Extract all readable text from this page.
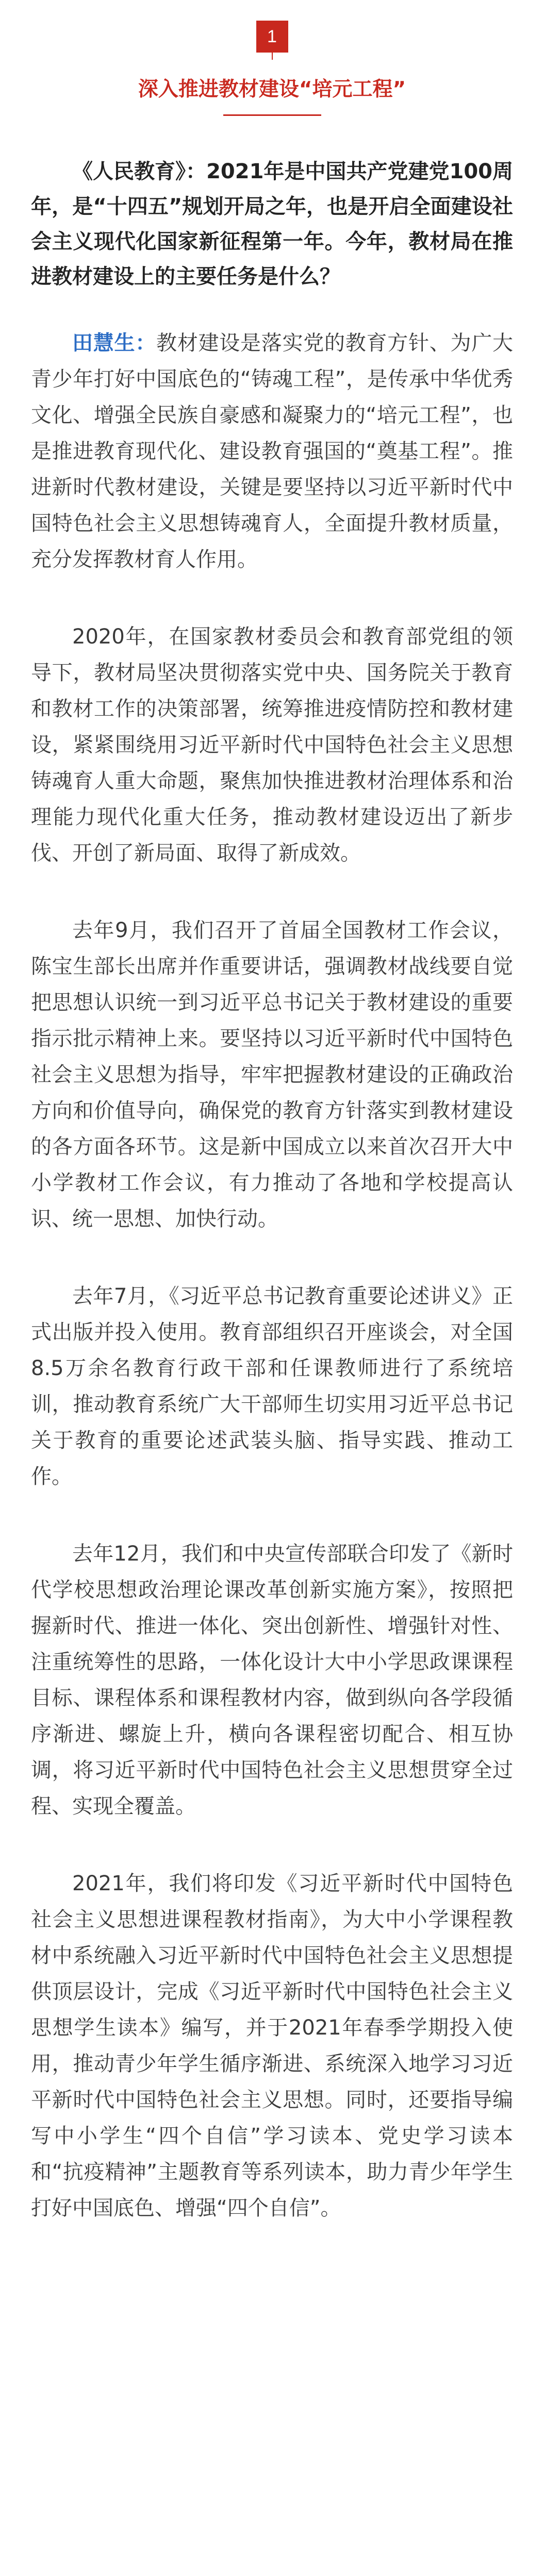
1
深入推进教材建设“培元工程”
《人民教育》：2021年是中国共产党建党100周年，是“十四五”规划开局之年，也是开启全面建设社会主义现代化国家新征程第一年。今年，教材局在推进教材建设上的主要任务是什么？

田慧生：教材建设是落实党的教育方针、为广大青少年打好中国底色的“铸魂工程”，是传承中华优秀文化、增强全民族自豪感和凝聚力的“培元工程”，也是推进教育现代化、建设教育强国的“奠基工程”。推进新时代教材建设，关键是要坚持以习近平新时代中国特色社会主义思想铸魂育人，全面提升教材质量，充分发挥教材育人作用。

2020年，在国家教材委员会和教育部党组的领导下，教材局坚决贯彻落实党中央、国务院关于教育和教材工作的决策部署，统筹推进疫情防控和教材建设，紧紧围绕用习近平新时代中国特色社会主义思想铸魂育人重大命题，聚焦加快推进教材治理体系和治理能力现代化重大任务，推动教材建设迈出了新步伐、开创了新局面、取得了新成效。

去年9月，我们召开了首届全国教材工作会议，陈宝生部长出席并作重要讲话，强调教材战线要自觉把思想认识统一到习近平总书记关于教材建设的重要指示批示精神上来。要坚持以习近平新时代中国特色社会主义思想为指导，牢牢把握教材建设的正确政治方向和价值导向，确保党的教育方针落实到教材建设的各方面各环节。这是新中国成立以来首次召开大中小学教材工作会议，有力推动了各地和学校提高认识、统一思想、加快行动。

去年7月，《习近平总书记教育重要论述讲义》正式出版并投入使用。教育部组织召开座谈会，对全国8.5万余名教育行政干部和任课教师进行了系统培训，推动教育系统广大干部师生切实用习近平总书记关于教育的重要论述武装头脑、指导实践、推动工作。

去年12月，我们和中央宣传部联合印发了《新时代学校思想政治理论课改革创新实施方案》，按照把握新时代、推进一体化、突出创新性、增强针对性、注重统筹性的思路，一体化设计大中小学思政课课程目标、课程体系和课程教材内容，做到纵向各学段循序渐进、螺旋上升，横向各课程密切配合、相互协调，将习近平新时代中国特色社会主义思想贯穿全过程、实现全覆盖。

2021年，我们将印发《习近平新时代中国特色社会主义思想进课程教材指南》，为大中小学课程教材中系统融入习近平新时代中国特色社会主义思想提供顶层设计，完成《习近平新时代中国特色社会主义思想学生读本》编写，并于2021年春季学期投入使用，推动青少年学生循序渐进、系统深入地学习习近平新时代中国特色社会主义思想。同时，还要指导编写中小学生“四个自信”学习读本、党史学习读本和“抗疫精神”主题教育等系列读本，助力青少年学生打好中国底色、增强“四个自信”。
